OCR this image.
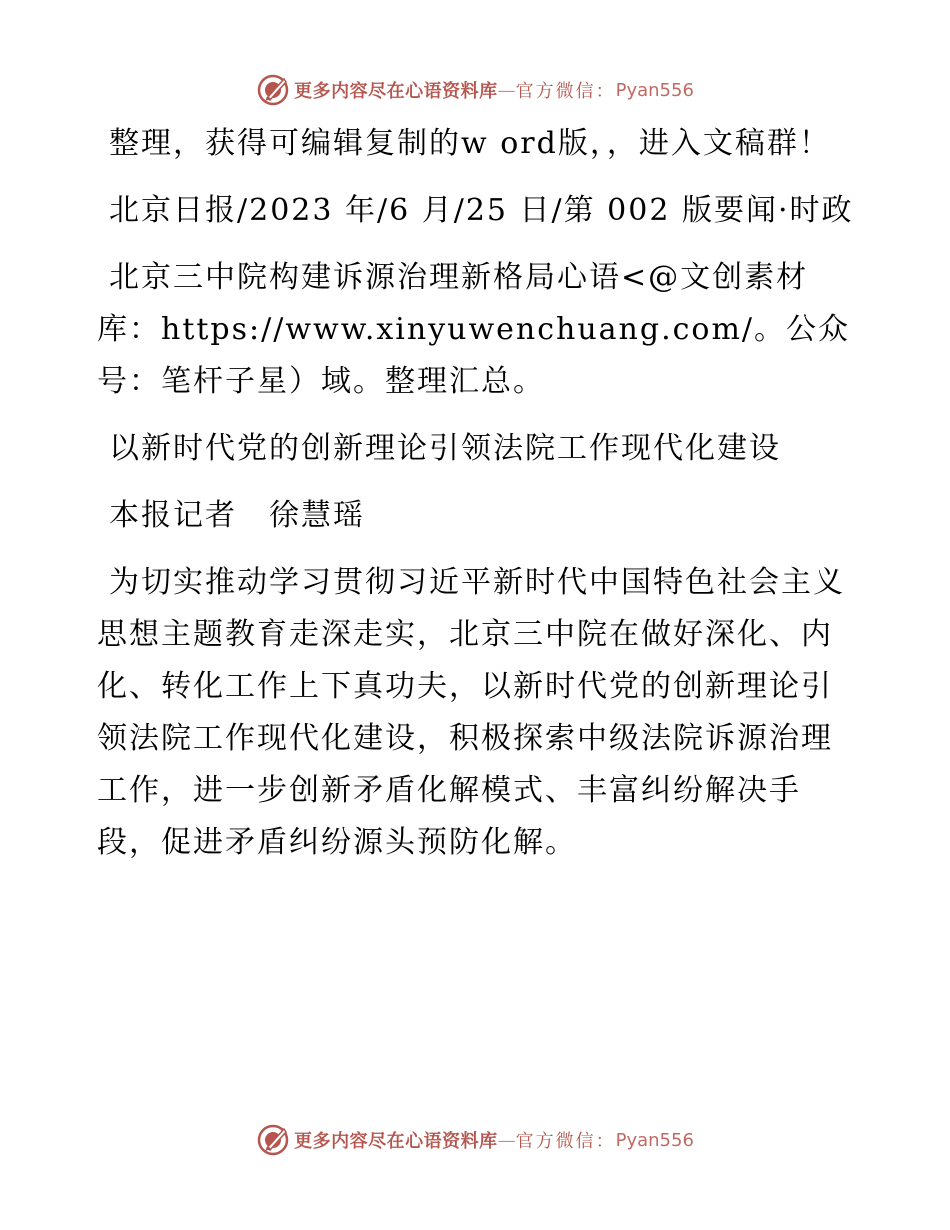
更多内容尽在心语资料库 — 官方微信： Pyan556

整理，获得可编辑复制的w ord版，，进入文稿群！

北京日报/2023 年/6 月/25 日/第 002 版要闻·时政

北京三中院构建诉源治理新格局心语<@文创素材库：https://www.xinyuwenchuang.com/。公众号：笔杆子星）域。整理汇总。

以新时代党的创新理论引领法院工作现代化建设

本报记者　徐慧瑶

为切实推动学习贯彻习近平新时代中国特色社会主义思想主题教育走深走实，北京三中院在做好深化、内化、转化工作上下真功夫，以新时代党的创新理论引领法院工作现代化建设，积极探索中级法院诉源治理工作，进一步创新矛盾化解模式、丰富纠纷解决手段，促进矛盾纠纷源头预防化解。

更多内容尽在心语资料库 — 官方微信： Pyan556
